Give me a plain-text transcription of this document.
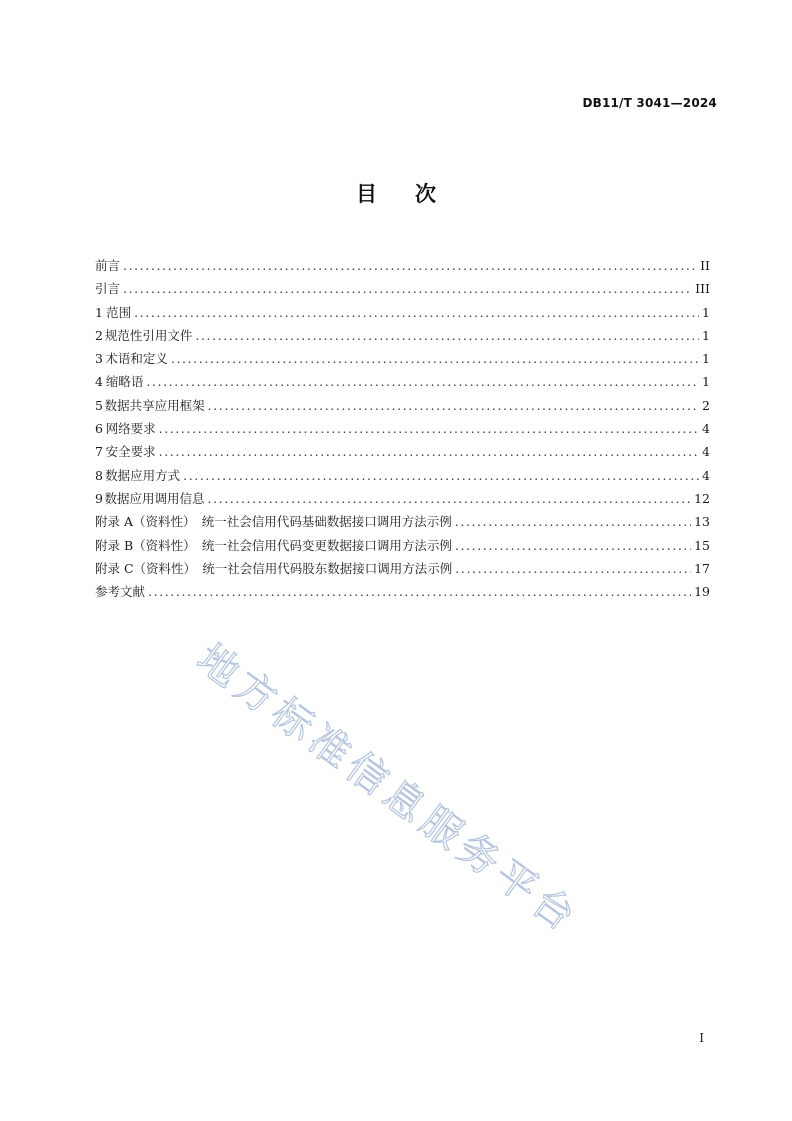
DB11/T 3041—2024
目 次
前言 .....	II
引言 .....	III
1 范围 .....	1
2 规范性引用文件 .....	1
3 术语和定义 .....	1
4 缩略语 .....	1
5 数据共享应用框架 .....	2
6 网络要求 .....	4
7 安全要求 .....	4
8 数据应用方式 .....	4
9 数据应用调用信息 .....	12
附录 A（资料性）　统一社会信用代码基础数据接口调用方法示例 .....	13
附录 B（资料性）　统一社会信用代码变更数据接口调用方法示例 .....	15
附录 C（资料性）　统一社会信用代码股东数据接口调用方法示例 .....	17
参考文献 .....	19
地方标准信息服务平台
I
